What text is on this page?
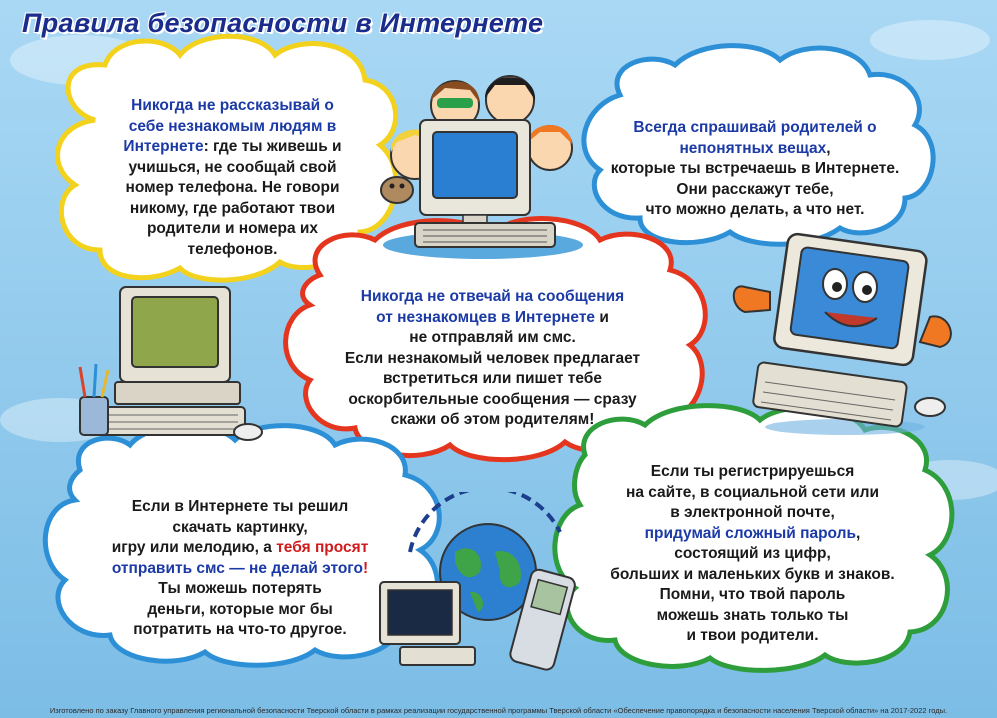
Правила безопасности в Интернете
Никогда не рассказывай о
себе незнакомым людям в
Интернете: где ты живешь и
учишься, не сообщай свой
номер телефона. Не говори
никому, где работают твои
родители и номера их
телефонов.
Всегда спрашивай родителей о
непонятных вещах,
которые ты встречаешь в Интернете.
Они расскажут тебе,
что можно делать, а что нет.
Никогда не отвечай на сообщения
от незнакомцев в Интернете и
не отправляй им смс.
Если незнакомый человек предлагает
встретиться или пишет тебе
оскорбительные сообщения — сразу
скажи об этом родителям!
Если в Интернете ты решил
скачать картинку,
игру или мелодию, а тебя просят
отправить смс — не делай этого!
Ты можешь потерять
деньги, которые мог бы
потратить на что-то другое.
Если ты регистрируешься
на сайте, в социальной сети или
в электронной почте,
придумай сложный пароль,
состоящий из цифр,
больших и маленьких букв и знаков.
Помни, что твой пароль
можешь знать только ты
и твои родители.
Изготовлено по заказу Главного управления региональной безопасности Тверской области в рамках реализации государственной программы Тверской области «Обеспечение правопорядка и безопасности населения Тверской области» на 2017-2022 годы.
